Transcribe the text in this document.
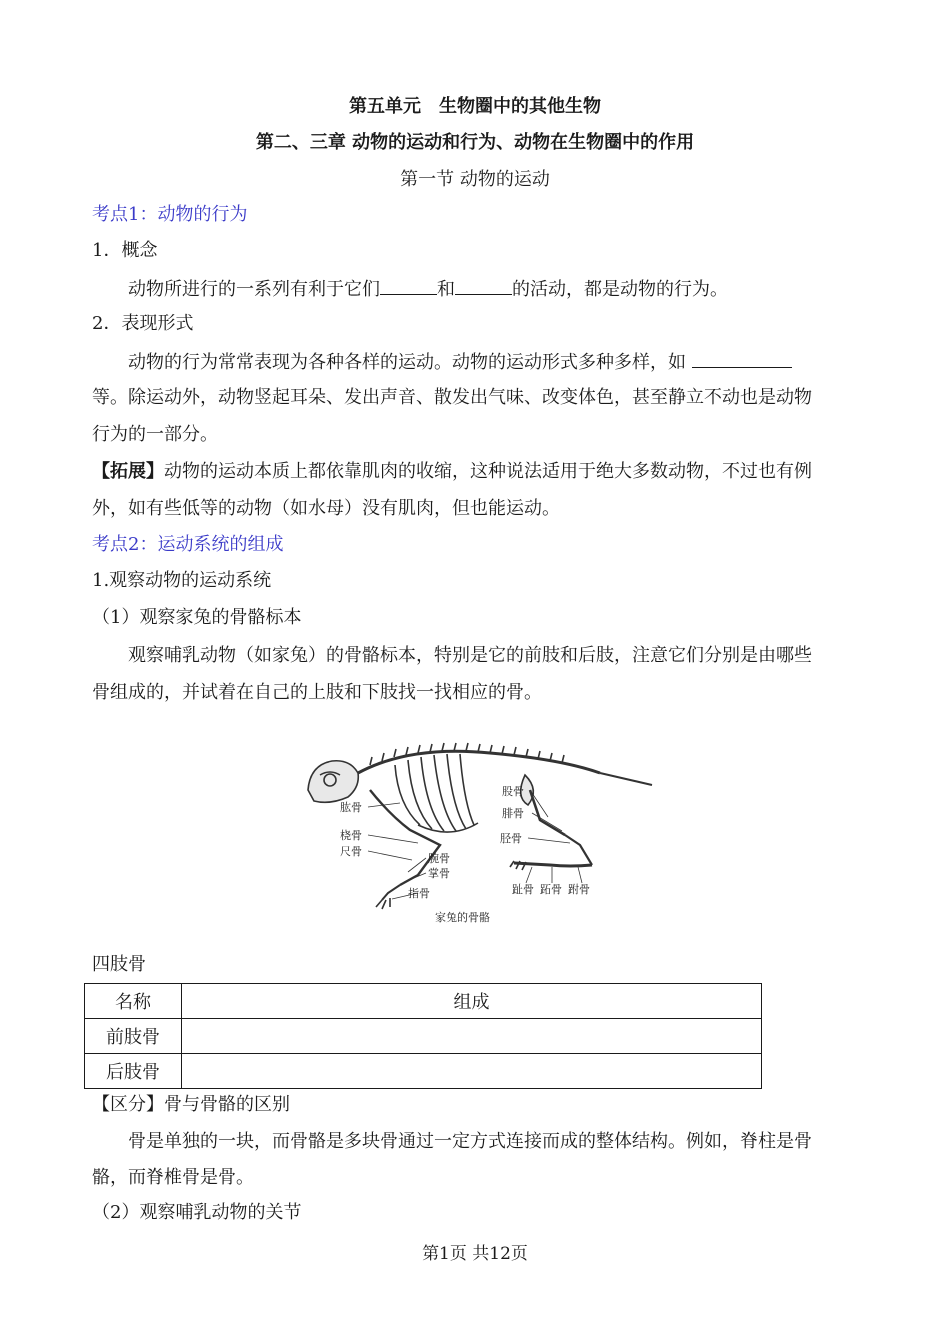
第五单元　生物圈中的其他生物
第二、三章 动物的运动和行为、动物在生物圈中的作用
第一节 动物的运动
考点1：动物的行为
1．概念
动物所进行的一系列有利于它们	和	的活动，都是动物的行为。
2．表现形式
动物的行为常常表现为各种各样的运动。动物的运动形式多种多样，如
等。除运动外，动物竖起耳朵、发出声音、散发出气味、改变体色，甚至静立不动也是动物
行为的一部分。
【拓展】动物的运动本质上都依靠肌肉的收缩，这种说法适用于绝大多数动物，不过也有例
外，如有些低等的动物（如水母）没有肌肉，但也能运动。
考点2：运动系统的组成
1.观察动物的运动系统
（1）观察家兔的骨骼标本
观察哺乳动物（如家兔）的骨骼标本，特别是它的前肢和后肢，注意它们分别是由哪些
骨组成的，并试着在自己的上肢和下肢找一找相应的骨。
肱骨
桡骨
尺骨
腕骨
掌骨
指骨
股骨
腓骨
胫骨
趾骨 跖骨 跗骨
家兔的骨骼
四肢骨
名称	组成
前肢骨	
后肢骨	
【区分】骨与骨骼的区别
骨是单独的一块，而骨骼是多块骨通过一定方式连接而成的整体结构。例如，脊柱是骨
骼，而脊椎骨是骨。
（2）观察哺乳动物的关节
第1页 共12页
